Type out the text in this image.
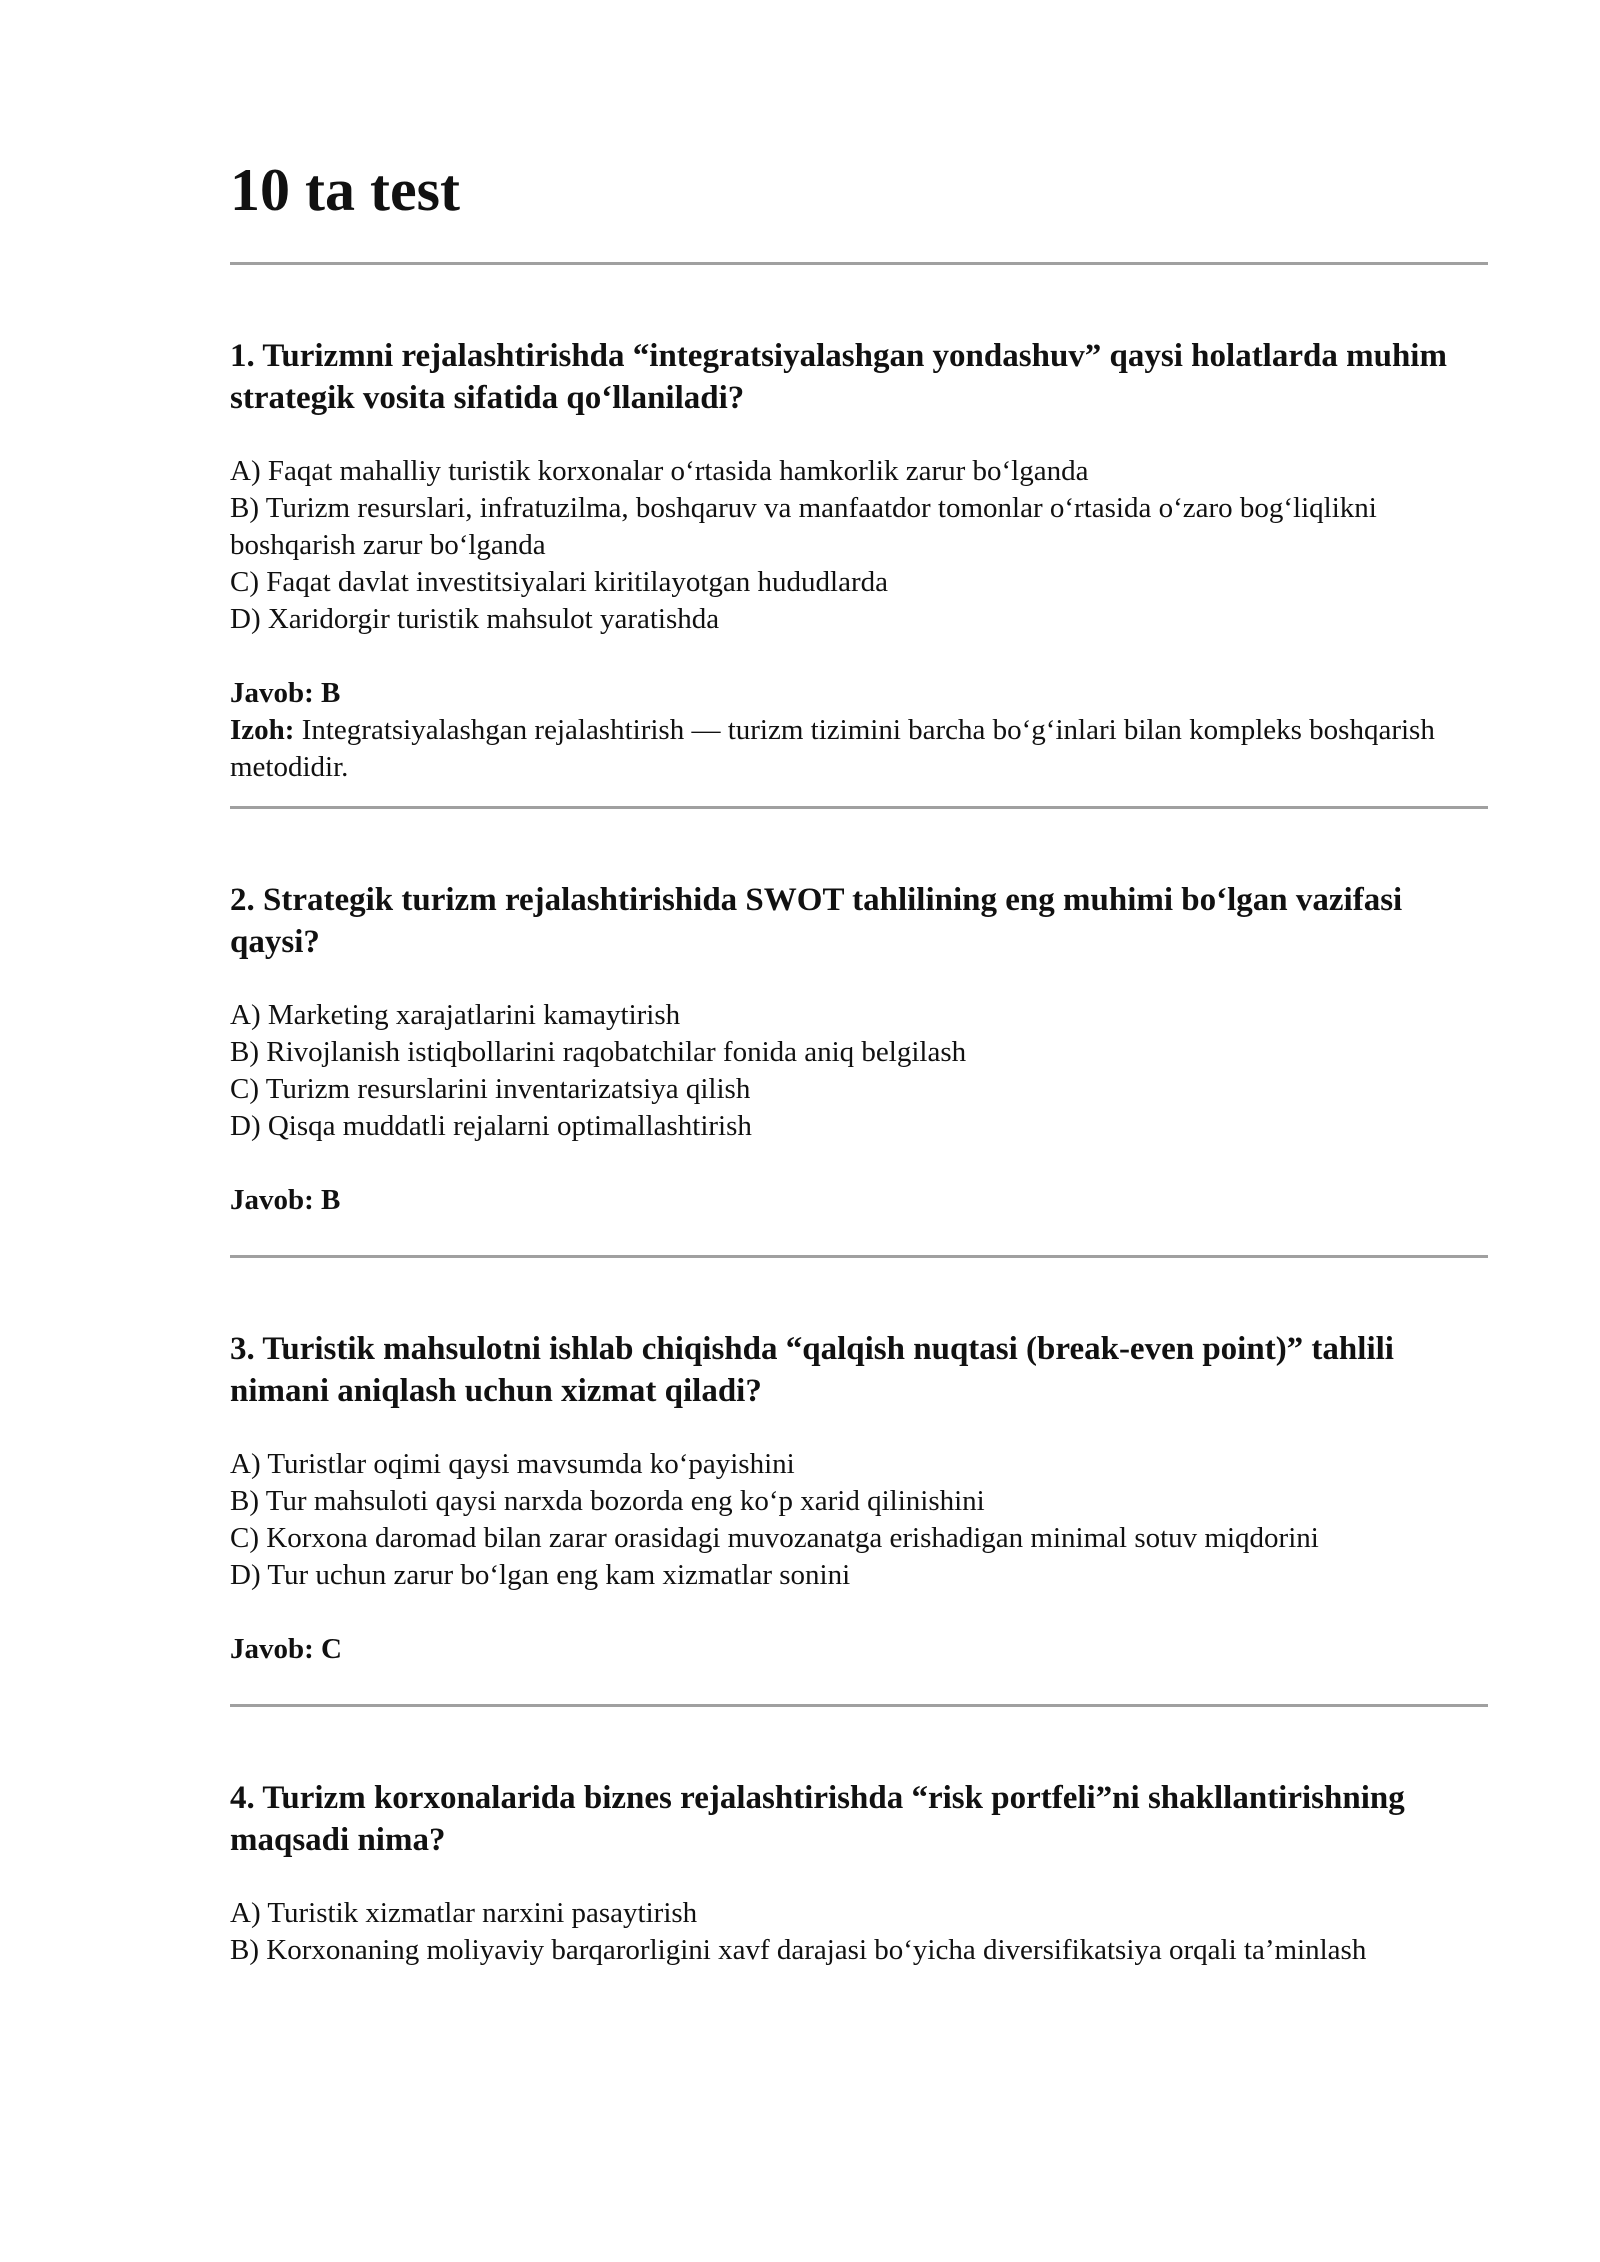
10 ta test

1. Turizmni rejalashtirishda “integratsiyalashgan yondashuv” qaysi holatlarda muhim strategik vosita sifatida qo‘llaniladi?

A) Faqat mahalliy turistik korxonalar o‘rtasida hamkorlik zarur bo‘lganda
B) Turizm resurslari, infratuzilma, boshqaruv va manfaatdor tomonlar o‘rtasida o‘zaro bog‘liqlikni boshqarish zarur bo‘lganda
C) Faqat davlat investitsiyalari kiritilayotgan hududlarda
D) Xaridorgir turistik mahsulot yaratishda

Javob: B

Izoh: Integratsiyalashgan rejalashtirish — turizm tizimini barcha bo‘g‘inlari bilan kompleks boshqarish metodidir.

2. Strategik turizm rejalashtirishida SWOT tahlilining eng muhimi bo‘lgan vazifasi qaysi?

A) Marketing xarajatlarini kamaytirish
B) Rivojlanish istiqbollarini raqobatchilar fonida aniq belgilash
C) Turizm resurslarini inventarizatsiya qilish
D) Qisqa muddatli rejalarni optimallashtirish

Javob: B

3. Turistik mahsulotni ishlab chiqishda “qalqish nuqtasi (break-even point)” tahlili nimani aniqlash uchun xizmat qiladi?

A) Turistlar oqimi qaysi mavsumda ko‘payishini
B) Tur mahsuloti qaysi narxda bozorda eng ko‘p xarid qilinishini
C) Korxona daromad bilan zarar orasidagi muvozanatga erishadigan minimal sotuv miqdorini
D) Tur uchun zarur bo‘lgan eng kam xizmatlar sonini

Javob: C

4. Turizm korxonalarida biznes rejalashtirishda “risk portfeli”ni shakllantirishning maqsadi nima?

A) Turistik xizmatlar narxini pasaytirish
B) Korxonaning moliyaviy barqarorligini xavf darajasi bo‘yicha diversifikatsiya orqali ta’minlash
